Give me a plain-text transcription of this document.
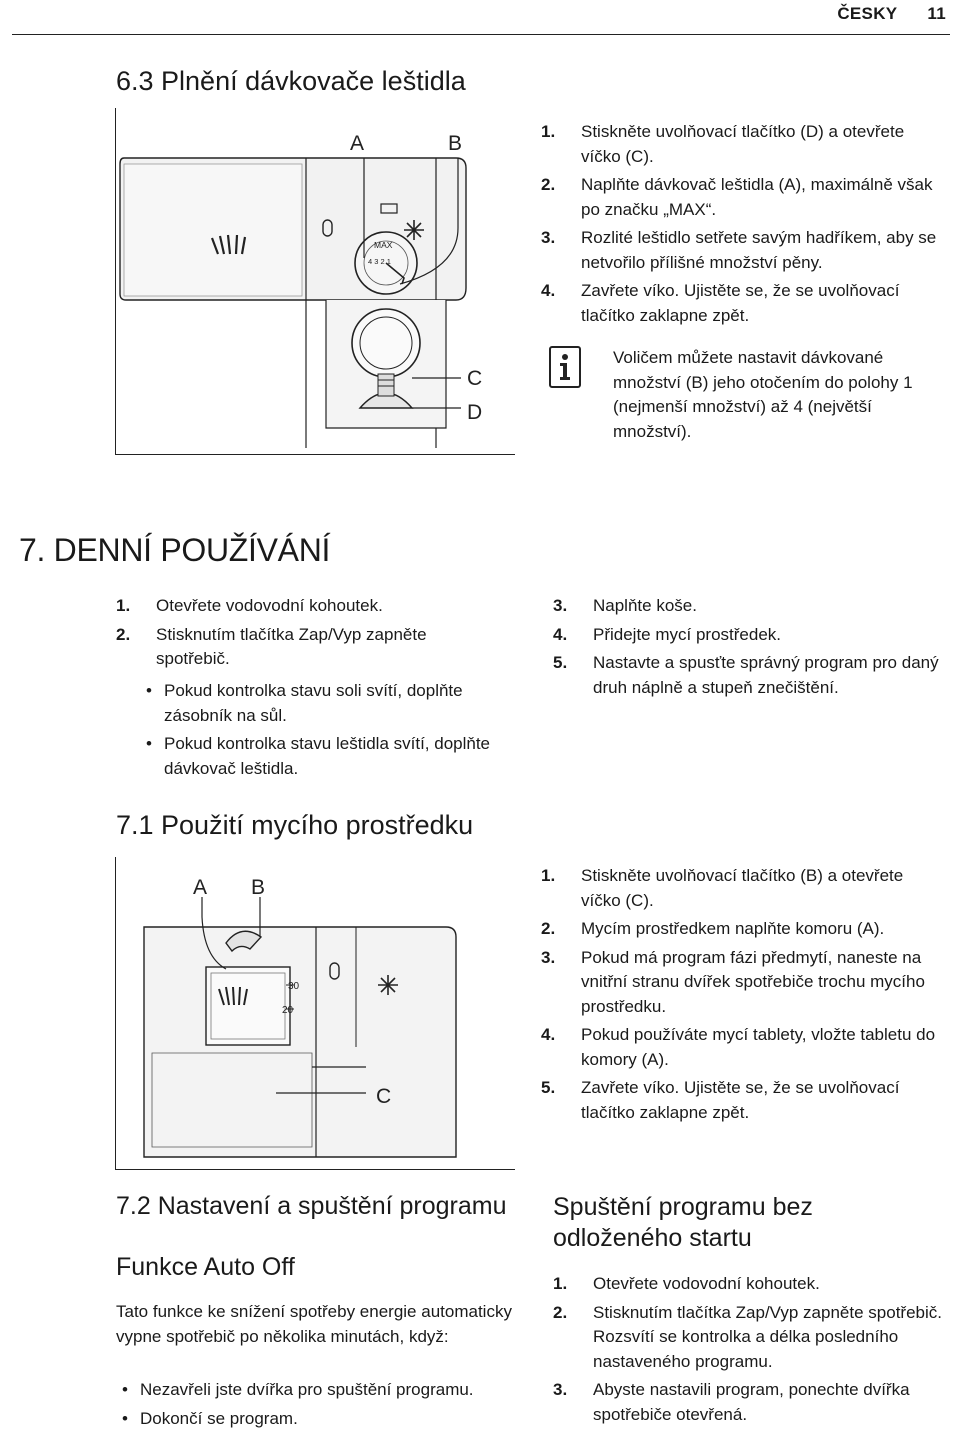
ČESKY 11
6.3 Plnění dávkovače leštidla
MAX
4 3 2 1
A	B
C
D
1. Stiskněte uvolňovací tlačítko (D) a otevřete víčko (C).
2. Naplňte dávkovač leštidla (A), maximálně však po značku „MAX“.
3. Rozlité leštidlo setřete savým hadříkem, aby se netvořilo přílišné množství pěny.
4. Zavřete víko. Ujistěte se, že se uvolňovací tlačítko zaklapne zpět.
Voličem můžete nastavit dávkované množství (B) jeho otočením do polohy 1 (nejmenší množství) až 4 (největší množství).
7. DENNÍ POUŽÍVÁNÍ
1. Otevřete vodovodní kohoutek.
2. Stisknutím tlačítka Zap/Vyp zapněte spotřebič.
• Pokud kontrolka stavu soli svítí, doplňte zásobník na sůl.
• Pokud kontrolka stavu leštidla svítí, doplňte dávkovač leštidla.
3. Naplňte koše.
4. Přidejte mycí prostředek.
5. Nastavte a spusťte správný program pro daný druh náplně a stupeň znečištění.
7.1 Použití mycího prostředku
30
20
A B
C
1. Stiskněte uvolňovací tlačítko (B) a otevřete víčko (C).
2. Mycím prostředkem naplňte komoru (A).
3. Pokud má program fázi předmytí, naneste na vnitřní stranu dvířek spotřebiče trochu mycího prostředku.
4. Pokud používáte mycí tablety, vložte tabletu do komory (A).
5. Zavřete víko. Ujistěte se, že se uvolňovací tlačítko zaklapne zpět.
7.2 Nastavení a spuštění programu
Funkce Auto Off
Tato funkce ke snížení spotřeby energie automaticky vypne spotřebič po několika minutách, když:
• Nezavřeli jste dvířka pro spuštění programu.
• Dokončí se program.
Spuštění programu bez odloženého startu
1. Otevřete vodovodní kohoutek.
2. Stisknutím tlačítka Zap/Vyp zapněte spotřebič. Rozsvítí se kontrolka a délka posledního nastaveného programu.
3. Abyste nastavili program, ponechte dvířka spotřebiče otevřená.
